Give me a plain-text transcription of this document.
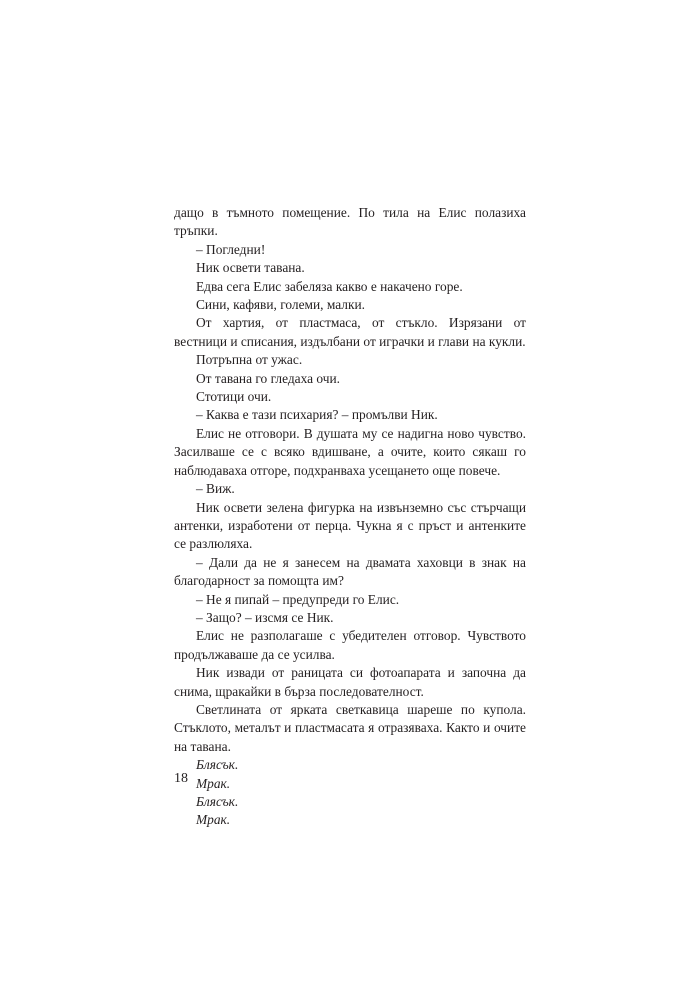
дащо в тъмното помещение. По тила на Елис полазиха тръпки.

– Погледни!

Ник освети тавана.

Едва сега Елис забеляза какво е накачено горе.

Сини, кафяви, големи, малки.

От хартия, от пластмаса, от стъкло. Изрязани от вестници и списания, издълбани от играчки и глави на кукли.

Потръпна от ужас.

От тавана го гледаха очи.

Стотици очи.

– Каква е тази психария? – промълви Ник.

Елис не отговори. В душата му се надигна ново чувство. Засилваше се с всяко вдишване, а очите, които сякаш го наблюдаваха отгоре, подхранваха усещането още повече.

– Виж.

Ник освети зелена фигурка на извънземно със стърчащи антенки, изработени от перца. Чукна я с пръст и антенките се разлюляха.

– Дали да не я занесем на двамата хаховци в знак на благодарност за помощта им?

– Не я пипай – предупреди го Елис.

– Защо? – изсмя се Ник.

Елис не разполагаше с убедителен отговор. Чувството продължаваше да се усилва.

Ник извади от раницата си фотоапарата и започна да снима, щракайки в бърза последователност.

Светлината от ярката светкавица шареше по купола. Стъклото, металът и пластмасата я отразяваха. Както и очите на тавана.

Блясък.

Мрак.

Блясък.

Мрак.

18
